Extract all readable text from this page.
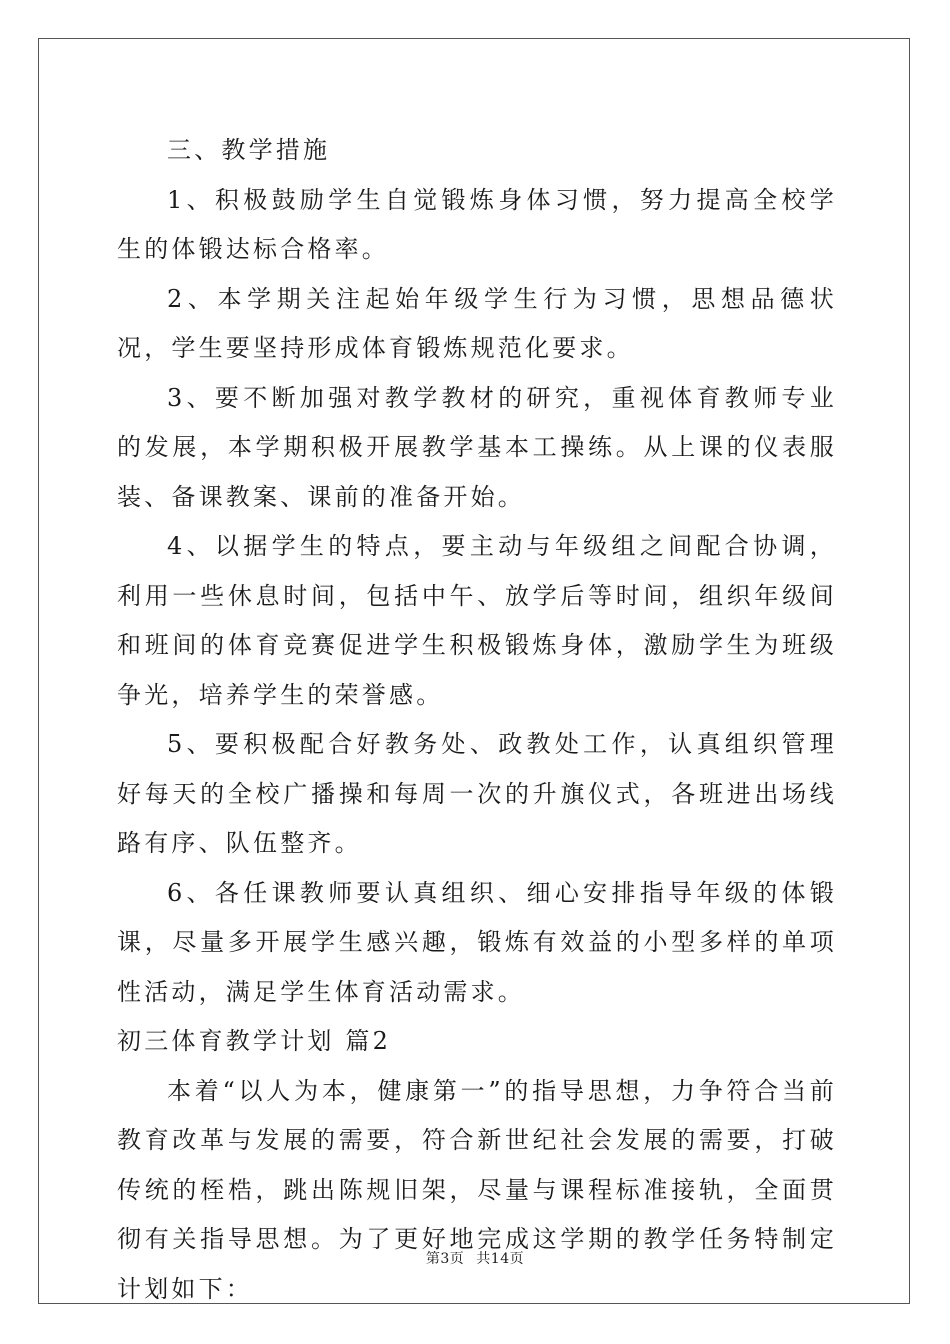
三、教学措施

1、积极鼓励学生自觉锻炼身体习惯，努力提高全校学生的体锻达标合格率。

2、本学期关注起始年级学生行为习惯，思想品德状况，学生要坚持形成体育锻炼规范化要求。

3、要不断加强对教学教材的研究，重视体育教师专业的发展，本学期积极开展教学基本工操练。从上课的仪表服装、备课教案、课前的准备开始。

4、以据学生的特点，要主动与年级组之间配合协调，利用一些休息时间，包括中午、放学后等时间，组织年级间和班间的体育竞赛促进学生积极锻炼身体，激励学生为班级争光，培养学生的荣誉感。

5、要积极配合好教务处、政教处工作，认真组织管理好每天的全校广播操和每周一次的升旗仪式，各班进出场线路有序、队伍整齐。

6、各任课教师要认真组织、细心安排指导年级的体锻课，尽量多开展学生感兴趣，锻炼有效益的小型多样的单项性活动，满足学生体育活动需求。

初三体育教学计划 篇2

本着“以人为本，健康第一”的指导思想，力争符合当前教育改革与发展的需要，符合新世纪社会发展的需要，打破传统的桎梏，跳出陈规旧架，尽量与课程标准接轨，全面贯彻有关指导思想。为了更好地完成这学期的教学任务特制定计划如下：

第3页 共14页
